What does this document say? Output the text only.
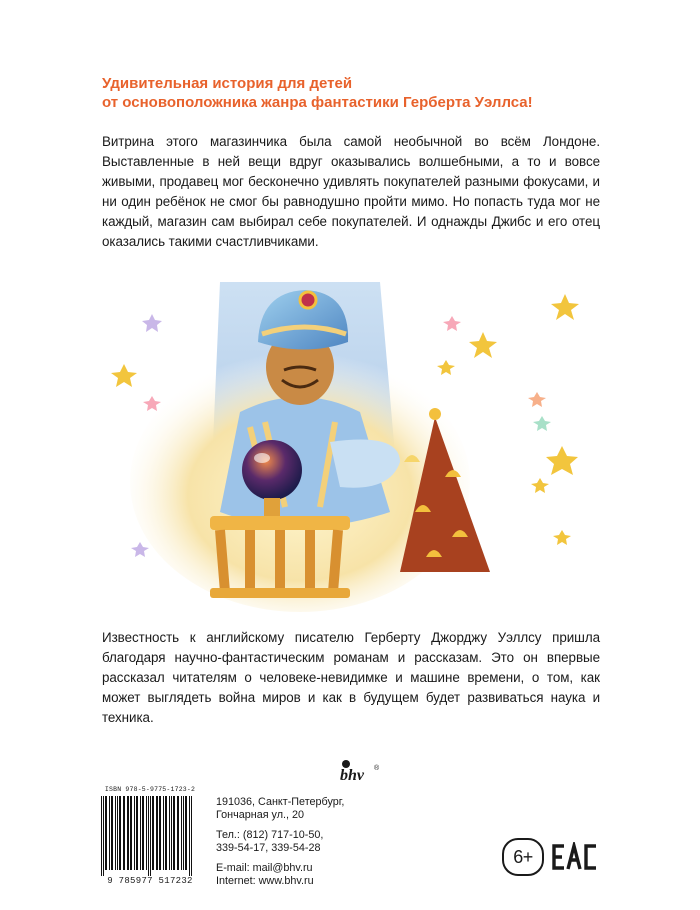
Удивительная история для детей
от основоположника жанра фантастики Герберта Уэллса!
Витрина этого магазинчика была самой необычной во всём Лондоне. Выставленные в ней вещи вдруг оказывались волшебными, а то и вовсе живыми, продавец мог бесконечно удивлять покупателей разными фокусами, и ни один ребёнок не смог бы равнодушно пройти мимо. Но попасть туда мог не каждый, магазин сам выбирал себе покупателей. И однажды Джибс и его отец оказались такими счастливчиками.
Известность к английскому писателю Герберту Джорджу Уэллсу пришла благодаря научно-фантастическим романам и рассказам. Это он впервые рассказал читателям о человеке-невидимке и машине времени, о том, как может выглядеть война миров и как в будущем будет развиваться наука и техника.
ISBN 978-5-9775-1723-2
9 785977 517232
bhv ®
191036, Санкт-Петербург,
Гончарная ул., 20
Тел.: (812) 717-10-50,
339-54-17, 339-54-28
E-mail: mail@bhv.ru
Internet: www.bhv.ru
6+
